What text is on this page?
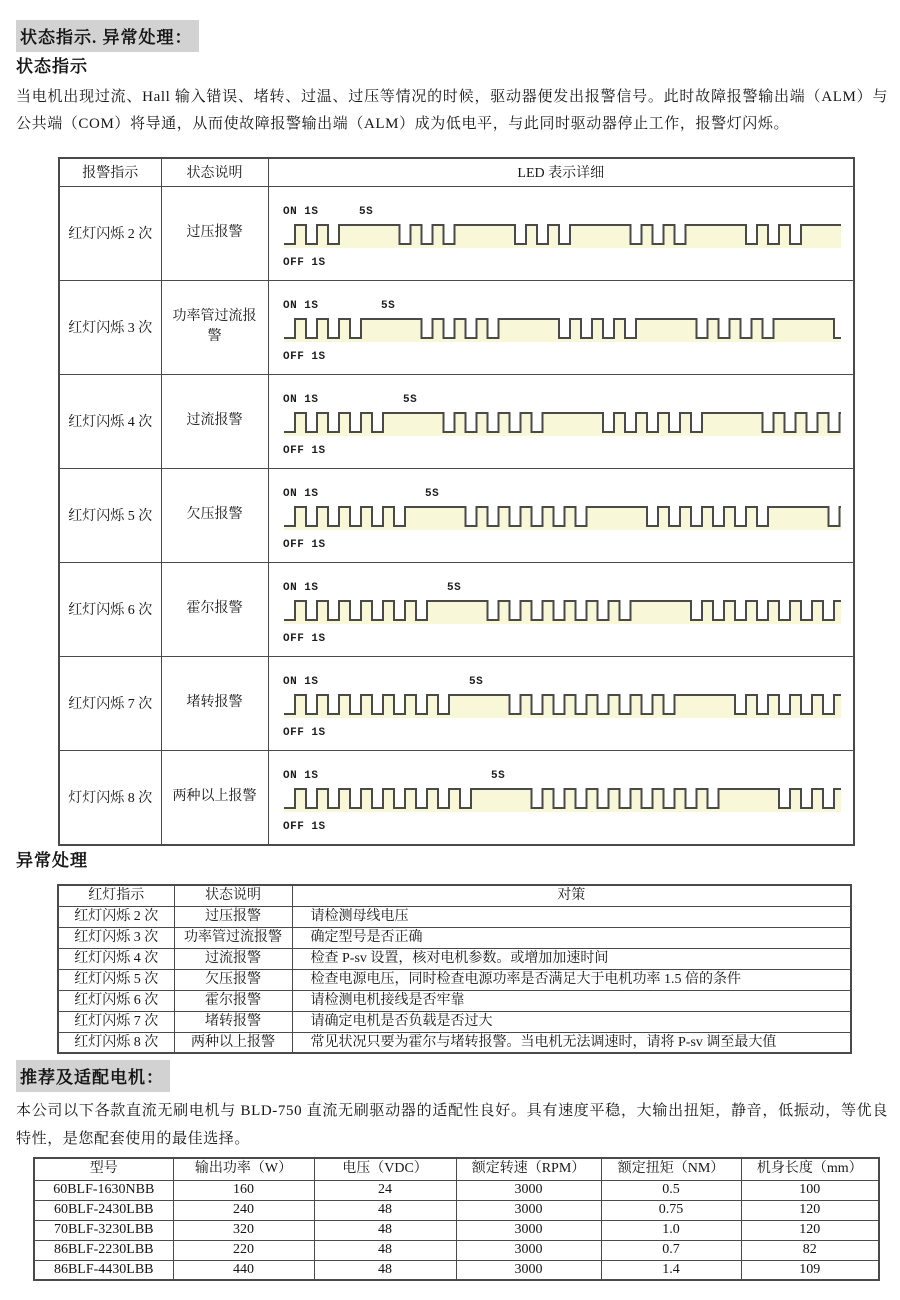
状态指示. 异常处理：
状态指示
当电机出现过流、Hall 输入错误、堵转、过温、过压等情况的时候，驱动器便发出报警信号。此时故障报警输出端（ALM）与公共端（COM）将导通，从而使故障报警输出端（ALM）成为低电平，与此同时驱动器停止工作，报警灯闪烁。
报警指示	状态说明	LED 表示详细
红灯闪烁 2 次	过压报警	ON 1S 5S
OFF 1S

红灯闪烁 3 次	功率管过流报警	ON 1S 5S
OFF 1S

红灯闪烁 4 次	过流报警	ON 1S 5S
OFF 1S

红灯闪烁 5 次	欠压报警	ON 1S 5S
OFF 1S

红灯闪烁 6 次	霍尔报警	ON 1S 5S
OFF 1S

红灯闪烁 7 次	堵转报警	ON 1S 5S
OFF 1S

灯灯闪烁 8 次	两种以上报警	ON 1S 5S
OFF 1S
异常处理
红灯指示	状态说明	对策
红灯闪烁 2 次	过压报警	请检测母线电压
红灯闪烁 3 次	功率管过流报警	确定型号是否正确
红灯闪烁 4 次	过流报警	检查 P-sv 设置，核对电机参数。或增加加速时间
红灯闪烁 5 次	欠压报警	检查电源电压，同时检查电源功率是否满足大于电机功率 1.5 倍的条件
红灯闪烁 6 次	霍尔报警	请检测电机接线是否牢靠
红灯闪烁 7 次	堵转报警	请确定电机是否负载是否过大
红灯闪烁 8 次	两种以上报警	常见状况只要为霍尔与堵转报警。当电机无法调速时，请将 P-sv 调至最大值
推荐及适配电机：
本公司以下各款直流无刷电机与 BLD-750 直流无刷驱动器的适配性良好。具有速度平稳，大输出扭矩，静音，低振动，等优良特性，是您配套使用的最佳选择。
型号	输出功率（W）	电压（VDC）	额定转速（RPM）	额定扭矩（NM）	机身长度（mm）
60BLF-1630NBB	160	24	3000	0.5	100
60BLF-2430LBB	240	48	3000	0.75	120
70BLF-3230LBB	320	48	3000	1.0	120
86BLF-2230LBB	220	48	3000	0.7	82
86BLF-4430LBB	440	48	3000	1.4	109
